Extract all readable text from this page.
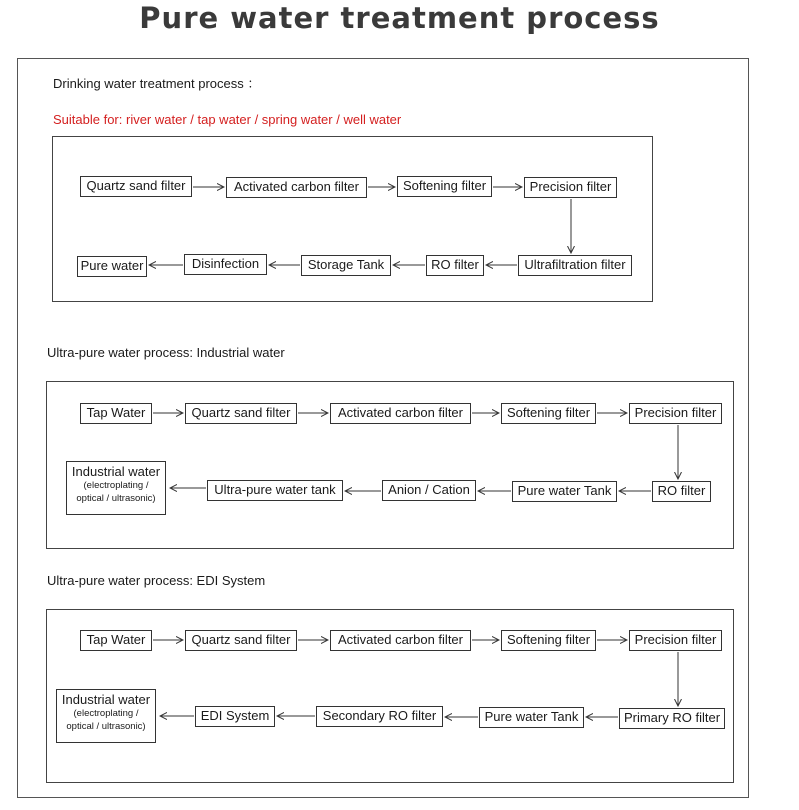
Pure water treatment process
Drinking water treatment process ：
Suitable for: river water / tap water / spring water / well water
Quartz sand filter	Activated carbon filter	Softening filter	Precision filter
Ultrafiltration filter
RO filter
Storage Tank
Disinfection
Pure water
Ultra-pure water process: Industrial water
Tap Water	Quartz sand filter	Activated carbon filter	Softening filter	Precision filter
RO filter
Pure water Tank
Anion / Cation
Ultra-pure water tank
Industrial water
(electroplating /
optical / ultrasonic)
Ultra-pure water process: EDI System
Tap Water	Quartz sand filter	Activated carbon filter	Softening filter	Precision filter
Primary RO filter
Pure water Tank
Secondary RO filter
EDI System
Industrial water
(electroplating /
optical / ultrasonic)
